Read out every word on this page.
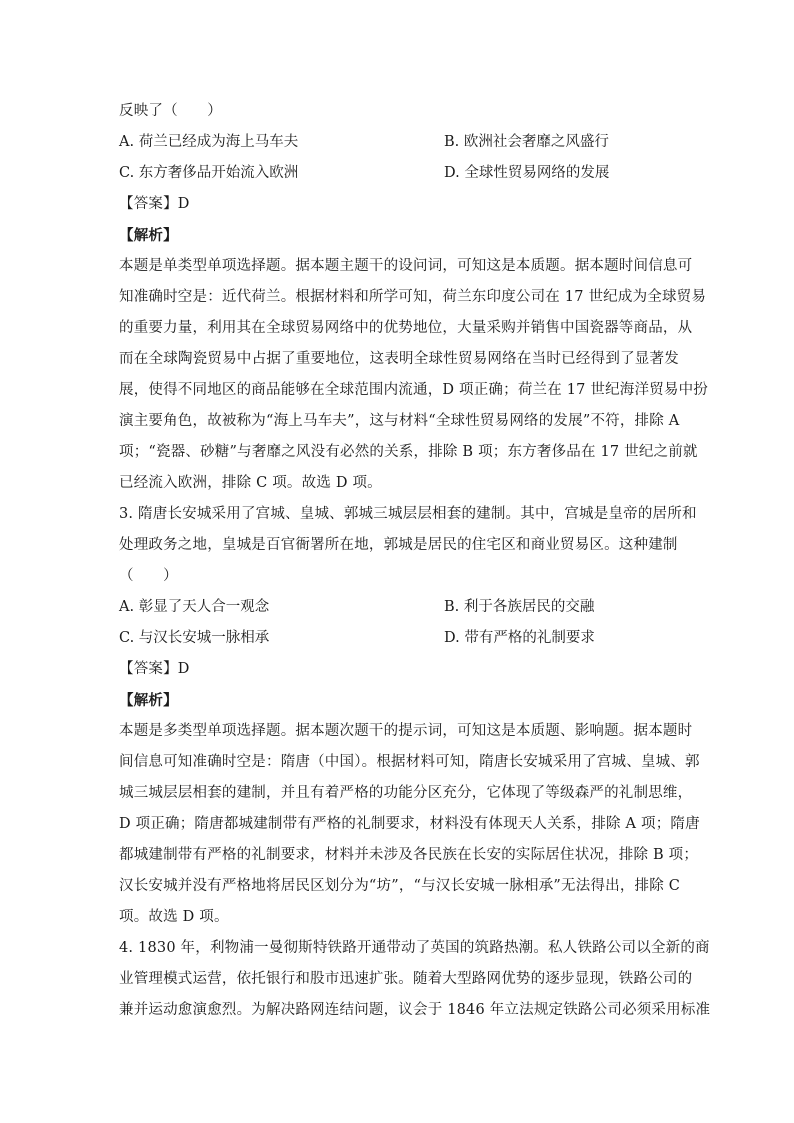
反映了（　　）
A. 荷兰已经成为海上马车夫	B. 欧洲社会奢靡之风盛行
C. 东方奢侈品开始流入欧洲	D. 全球性贸易网络的发展
【答案】D
【解析】
本题是单类型单项选择题。据本题主题干的设问词，可知这是本质题。据本题时间信息可
知准确时空是：近代荷兰。根据材料和所学可知，荷兰东印度公司在 17 世纪成为全球贸易
的重要力量，利用其在全球贸易网络中的优势地位，大量采购并销售中国瓷器等商品，从
而在全球陶瓷贸易中占据了重要地位，这表明全球性贸易网络在当时已经得到了显著发
展，使得不同地区的商品能够在全球范围内流通，D 项正确；荷兰在 17 世纪海洋贸易中扮
演主要角色，故被称为“海上马车夫”，这与材料“全球性贸易网络的发展”不符，排除 A
项；“瓷器、砂糖”与奢靡之风没有必然的关系，排除 B 项；东方奢侈品在 17 世纪之前就
已经流入欧洲，排除 C 项。故选 D 项。
3. 隋唐长安城采用了宫城、皇城、郭城三城层层相套的建制。其中，宫城是皇帝的居所和
处理政务之地，皇城是百官衙署所在地，郭城是居民的住宅区和商业贸易区。这种建制
（　　）
A. 彰显了天人合一观念	B. 利于各族居民的交融
C. 与汉长安城一脉相承	D. 带有严格的礼制要求
【答案】D
【解析】
本题是多类型单项选择题。据本题次题干的提示词，可知这是本质题、影响题。据本题时
间信息可知准确时空是：隋唐（中国）。根据材料可知，隋唐长安城采用了宫城、皇城、郭
城三城层层相套的建制，并且有着严格的功能分区充分，它体现了等级森严的礼制思维，
D 项正确；隋唐都城建制带有严格的礼制要求，材料没有体现天人关系，排除 A 项；隋唐
都城建制带有严格的礼制要求，材料并未涉及各民族在长安的实际居住状况，排除 B 项；
汉长安城并没有严格地将居民区划分为“坊”，“与汉长安城一脉相承”无法得出，排除 C
项。故选 D 项。
4. 1830 年，利物浦一曼彻斯特铁路开通带动了英国的筑路热潮。私人铁路公司以全新的商
业管理模式运营，依托银行和股市迅速扩张。随着大型路网优势的逐步显现，铁路公司的
兼并运动愈演愈烈。为解决路网连结问题，议会于 1846 年立法规定铁路公司必须采用标准
